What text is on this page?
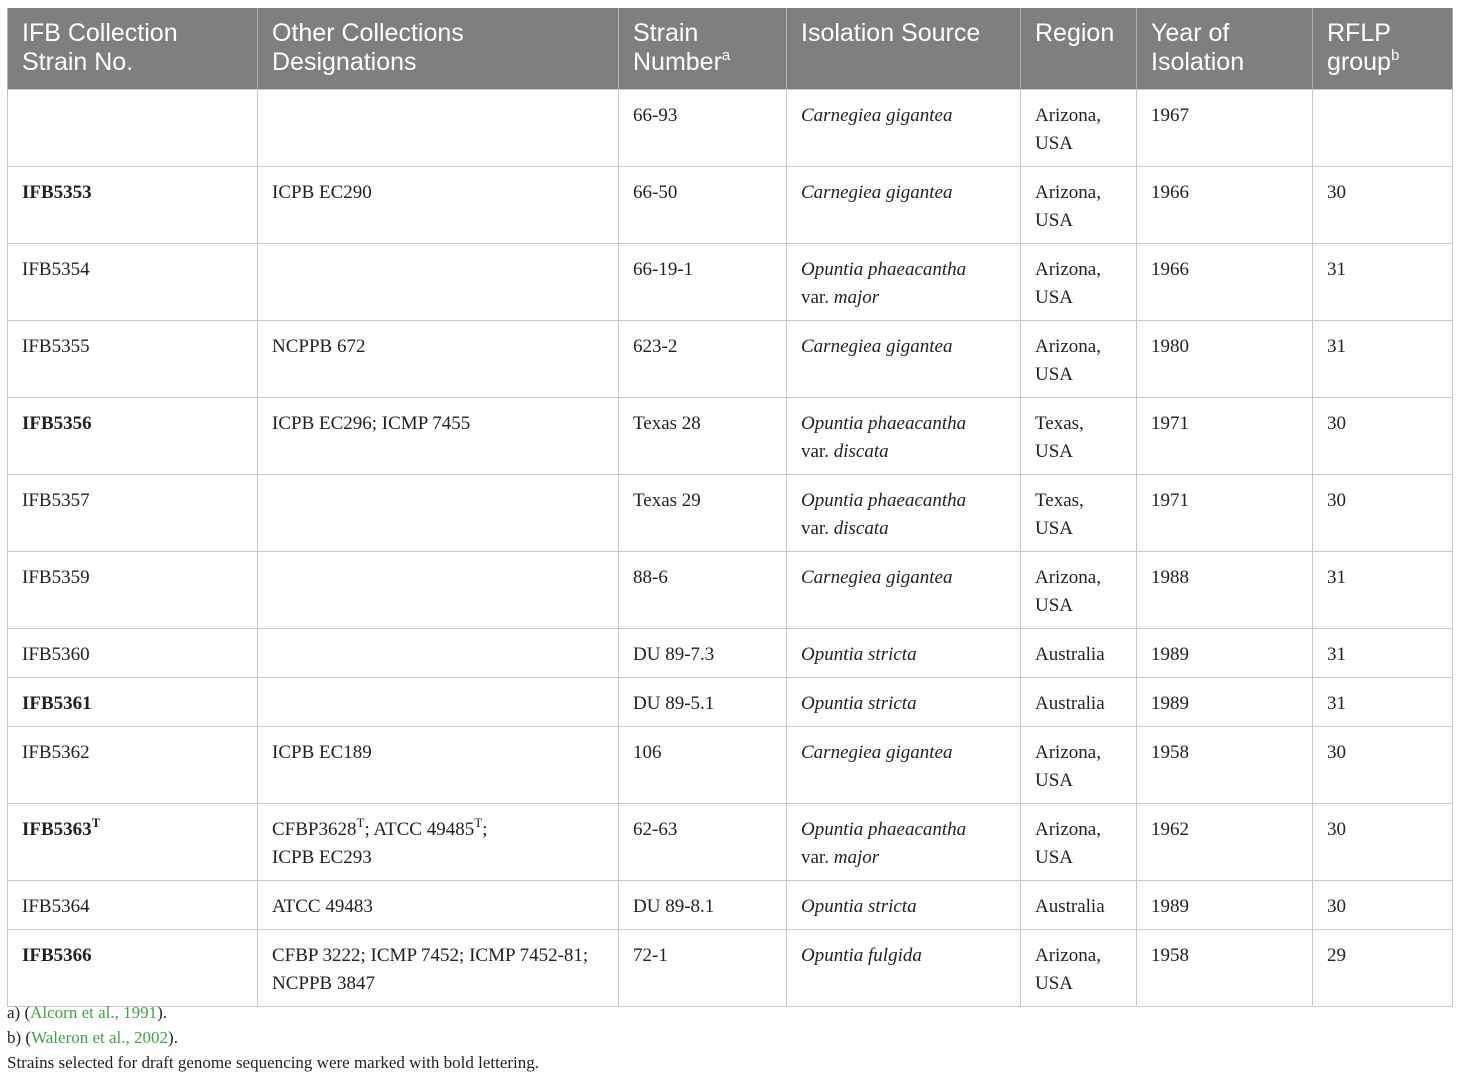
IFB Collection Strain No.	Other Collections Designations	Strain Number$^a$	Isolation Source	Region	Year of Isolation	RFLP group$^b$
		66-93	Carnegiea gigantea	Arizona,
USA	1967	
IFB5353	ICPB EC290	66-50	Carnegiea gigantea	Arizona,
USA	1966	30
IFB5354		66-19-1	Opuntia phaeacantha
var. major	Arizona,
USA	1966	31
IFB5355	NCPPB 672	623-2	Carnegiea gigantea	Arizona,
USA	1980	31
IFB5356	ICPB EC296; ICMP 7455	Texas 28	Opuntia phaeacantha
var. discata	Texas,
USA	1971	30
IFB5357		Texas 29	Opuntia phaeacantha
var. discata	Texas,
USA	1971	30
IFB5359		88-6	Carnegiea gigantea	Arizona,
USA	1988	31
IFB5360		DU 89-7.3	Opuntia stricta	Australia	1989	31
IFB5361		DU 89-5.1	Opuntia stricta	Australia	1989	31
IFB5362	ICPB EC189	106	Carnegiea gigantea	Arizona,
USA	1958	30
$IFB5363^T$	$CFBP3628^T$; ATCC $49485^T$;
ICPB EC293	62-63	Opuntia phaeacantha
var. major	Arizona,
USA	1962	30
IFB5364	ATCC 49483	DU 89-8.1	Opuntia stricta	Australia	1989	30
IFB5366	CFBP 3222; ICMP 7452; ICMP 7452-81; NCPPB 3847	72-1	Opuntia fulgida	Arizona,
USA	1958	29
a) (Alcorn et al., 1991).
b) (Waleron et al., 2002).
Strains selected for draft genome sequencing were marked with bold lettering.
